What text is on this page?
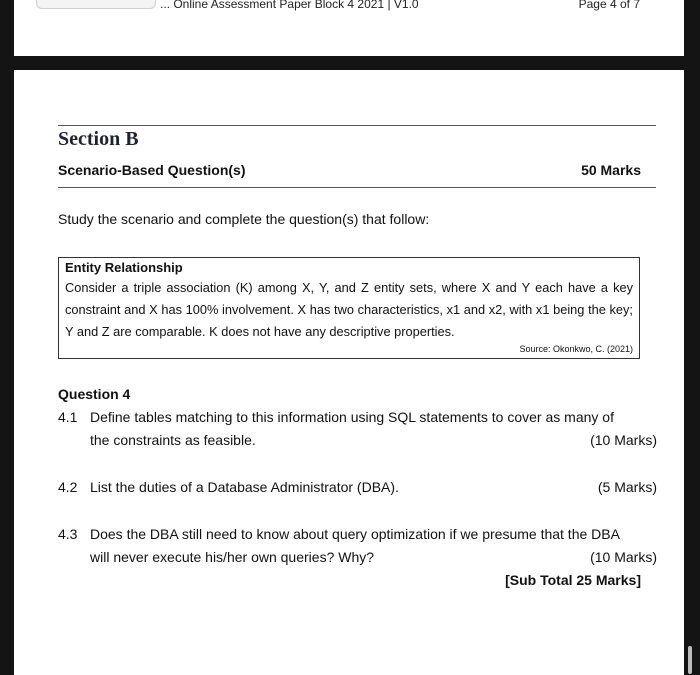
... Online Assessment Paper Block 4 2021 | V1.0	Page 4 of 7
Section B
Scenario-Based Question(s)	50 Marks
Study the scenario and complete the question(s) that follow:
Entity Relationship
Consider a triple association (K) among X, Y, and Z entity sets, where X and Y each have a key constraint and X has 100% involvement. X has two characteristics, x1 and x2, with x1 being the key; Y and Z are comparable. K does not have any descriptive properties.
Source: Okonkwo, C. (2021)
Question 4
4.1 Define tables matching to this information using SQL statements to cover as many of the constraints as feasible.	(10 Marks)
4.2 List the duties of a Database Administrator (DBA).	(5 Marks)
4.3 Does the DBA still need to know about query optimization if we presume that the DBA will never execute his/her own queries? Why?	(10 Marks)
[Sub Total 25 Marks]
